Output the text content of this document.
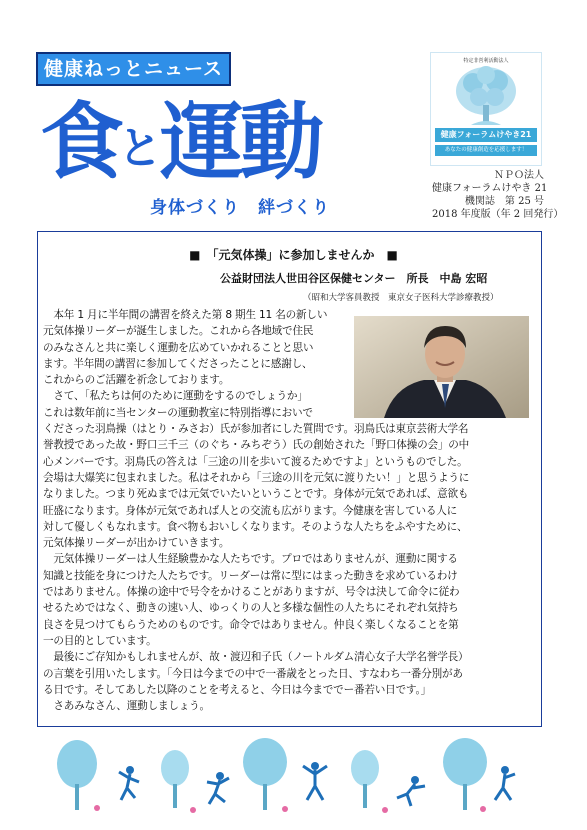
健康ねっとニュース
食と運動
身体づくり　絆づくり
特定非営利活動法人
健康フォーラムけやき21
あなたの健康創造を応援します！
ＮＰＯ法人
健康フォーラムけやき 21
機関誌　第 25 号
2018 年度版（年 2 回発行）
■　「元気体操」に参加しませんか　■
公益財団法人世田谷区保健センター　所長　中島 宏昭
（昭和大学客員教授　東京女子医科大学診療教授）
　本年 1 月に半年間の講習を終えた第 8 期生 11 名の新しい
元気体操リーダーが誕生しました。これから各地域で住民
のみなさんと共に楽しく運動を広めていかれることと思い
ます。半年間の講習に参加してくださったことに感謝し、
これからのご活躍を祈念しております。
　さて、「私たちは何のために運動をするのでしょうか」
これは数年前に当センターの運動教室に特別指導においで
くださった羽鳥操（はとり・みさお）氏が参加者にした質問です。羽鳥氏は東京芸術大学名
誉教授であった故・野口三千三（のぐち・みちぞう）氏の創始された「野口体操の会」の中
心メンバーです。羽鳥氏の答えは「三途の川を歩いて渡るためですよ」というものでした。
会場は大爆笑に包まれました。私はそれから「三途の川を元気に渡りたい！」と思うように
なりました。つまり死ぬまでは元気でいたいということです。身体が元気であれば、意欲も
旺盛になります。身体が元気であれば人との交流も広がります。今健康を害している人に
対して優しくもなれます。食べ物もおいしくなります。そのような人たちをふやすために、
元気体操リーダーが出かけていきます。
　元気体操リーダーは人生経験豊かな人たちです。プロではありませんが、運動に関する
知識と技能を身につけた人たちです。リーダーは常に型にはまった動きを求めているわけ
ではありません。体操の途中で号令をかけることがありますが、号令は決して命令に従わ
せるためではなく、動きの速い人、ゆっくりの人と多様な個性の人たちにそれぞれ気持ち
良さを見つけてもらうためのものです。命令ではありません。仲良く楽しくなることを第
一の目的としています。
　最後にご存知かもしれませんが、故・渡辺和子氏（ノートルダム清心女子大学名誉学長）
の言葉を引用いたします。「今日は今までの中で一番歳をとった日、すなわち一番分別があ
る日です。そしてあした以降のことを考えると、今日は今まででー番若い日です。」
　さあみなさん、運動しましょう。
